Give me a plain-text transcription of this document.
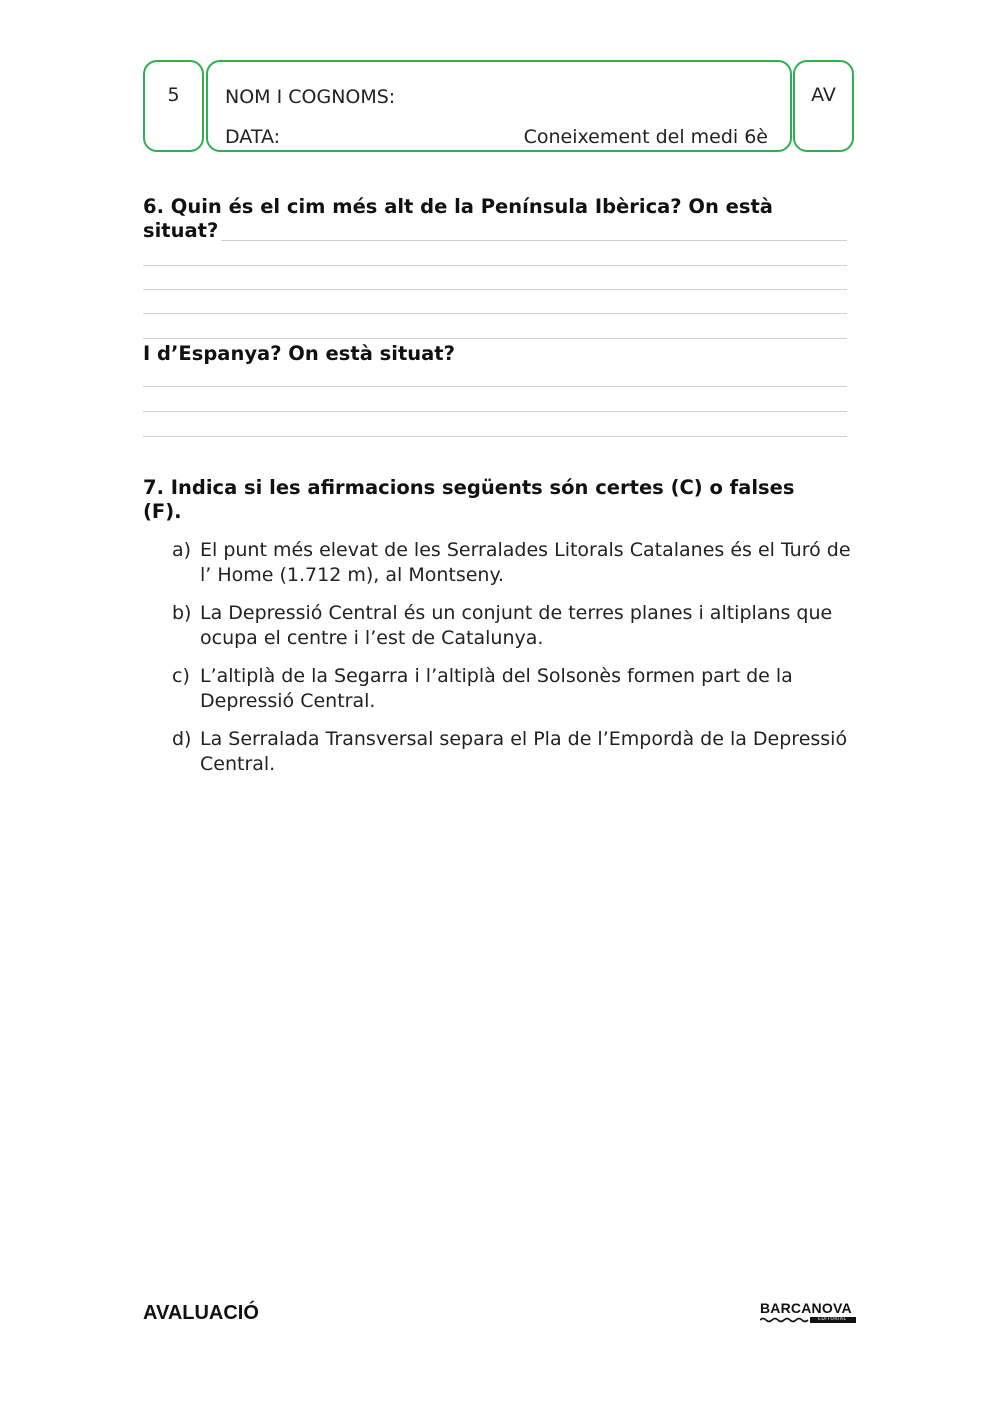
5	NOM I COGNOMS:
DATA:	Coneixement del medi 6è
AV
6. Quin és el cim més alt de la Península Ibèrica? On està
situat?
I d’Espanya? On està situat?
7. Indica si les afirmacions següents són certes (C) o falses
(F).
a) El punt més elevat de les Serralades Litorals Catalanes és el Turó de l’ Home (1.712 m), al Montseny.
b) La Depressió Central és un conjunt de terres planes i altiplans que ocupa el centre i l’est de Catalunya.
c) L’altiplà de la Segarra i l’altiplà del Solsonès formen part de la Depressió Central.
d) La Serralada Transversal separa el Pla de l’Empordà de la Depressió Central.
AVALUACIÓ	BARCANOVA
EDITORIAL
